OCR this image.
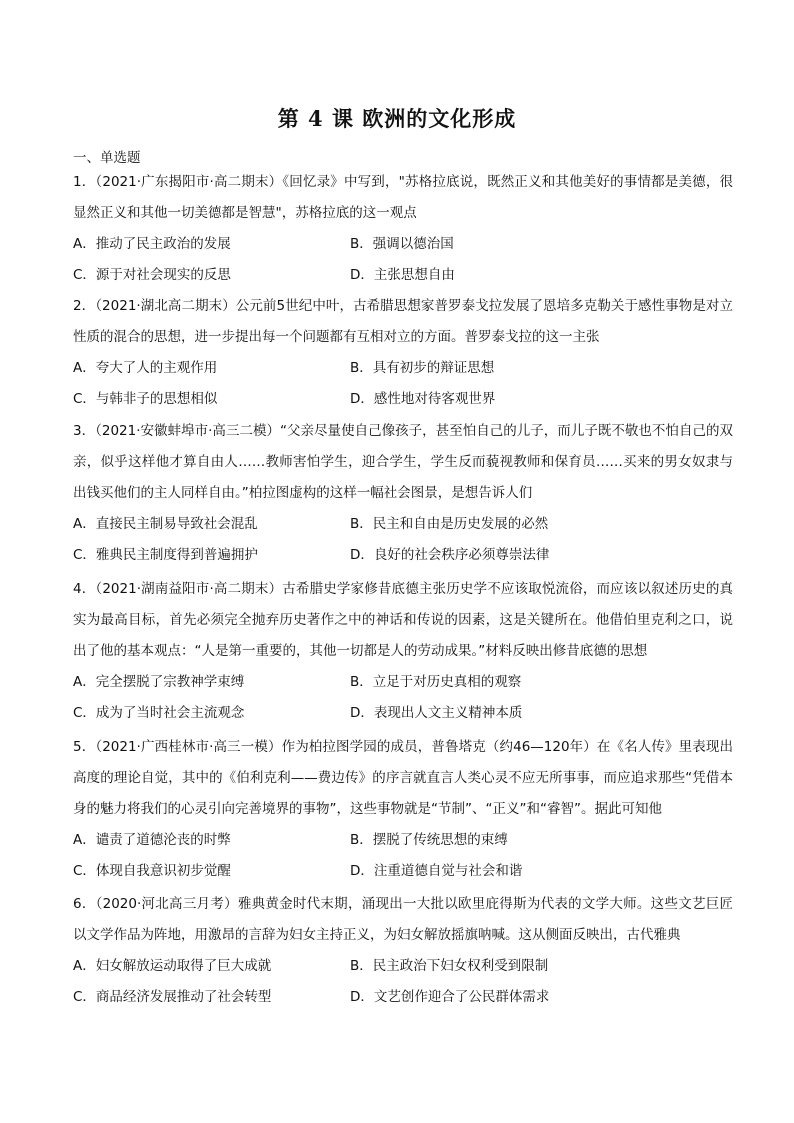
第 4 课 欧洲的文化形成
一、单选题

1．（2021·广东揭阳市·高二期末）《回忆录》中写到，"苏格拉底说，既然正义和其他美好的事情都是美德，很显然正义和其他一切美德都是智慧"，苏格拉底的这一观点

A．推动了民主政治的发展	B．强调以德治国
C．源于对社会现实的反思	D．主张思想自由

2．（2021·湖北高二期末）公元前5世纪中叶，古希腊思想家普罗泰戈拉发展了恩培多克勒关于感性事物是对立性质的混合的思想，进一步提出每一个问题都有互相对立的方面。普罗泰戈拉的这一主张

A．夸大了人的主观作用	B．具有初步的辩证思想
C．与韩非子的思想相似	D．感性地对待客观世界

3．（2021·安徽蚌埠市·高三二模）“父亲尽量使自己像孩子，甚至怕自己的儿子，而儿子既不敬也不怕自己的双亲，似乎这样他才算自由人……教师害怕学生，迎合学生，学生反而藐视教师和保育员……买来的男女奴隶与出钱买他们的主人同样自由。”柏拉图虚构的这样一幅社会图景，是想告诉人们

A．直接民主制易导致社会混乱	B．民主和自由是历史发展的必然
C．雅典民主制度得到普遍拥护	D．良好的社会秩序必须尊崇法律

4．（2021·湖南益阳市·高二期末）古希腊史学家修昔底德主张历史学不应该取悦流俗，而应该以叙述历史的真实为最高目标，首先必须完全抛弃历史著作之中的神话和传说的因素，这是关键所在。他借伯里克利之口，说出了他的基本观点：“人是第一重要的，其他一切都是人的劳动成果。”材料反映出修昔底德的思想

A．完全摆脱了宗教神学束缚	B．立足于对历史真相的观察
C．成为了当时社会主流观念	D．表现出人文主义精神本质

5．（2021·广西桂林市·高三一模）作为柏拉图学园的成员，普鲁塔克（约46—120年）在《名人传》里表现出高度的理论自觉，其中的《伯利克利——费边传》的序言就直言人类心灵不应无所事事，而应追求那些“凭借本身的魅力将我们的心灵引向完善境界的事物”，这些事物就是“节制”、“正义”和“睿智”。据此可知他

A．谴责了道德沦丧的时弊	B．摆脱了传统思想的束缚
C．体现自我意识初步觉醒	D．注重道德自觉与社会和谐

6．（2020·河北高三月考）雅典黄金时代末期，涌现出一大批以欧里庇得斯为代表的文学大师。这些文艺巨匠以文学作品为阵地，用激昂的言辞为妇女主持正义，为妇女解放摇旗呐喊。这从侧面反映出，古代雅典

A．妇女解放运动取得了巨大成就	B．民主政治下妇女权利受到限制
C．商品经济发展推动了社会转型	D．文艺创作迎合了公民群体需求
